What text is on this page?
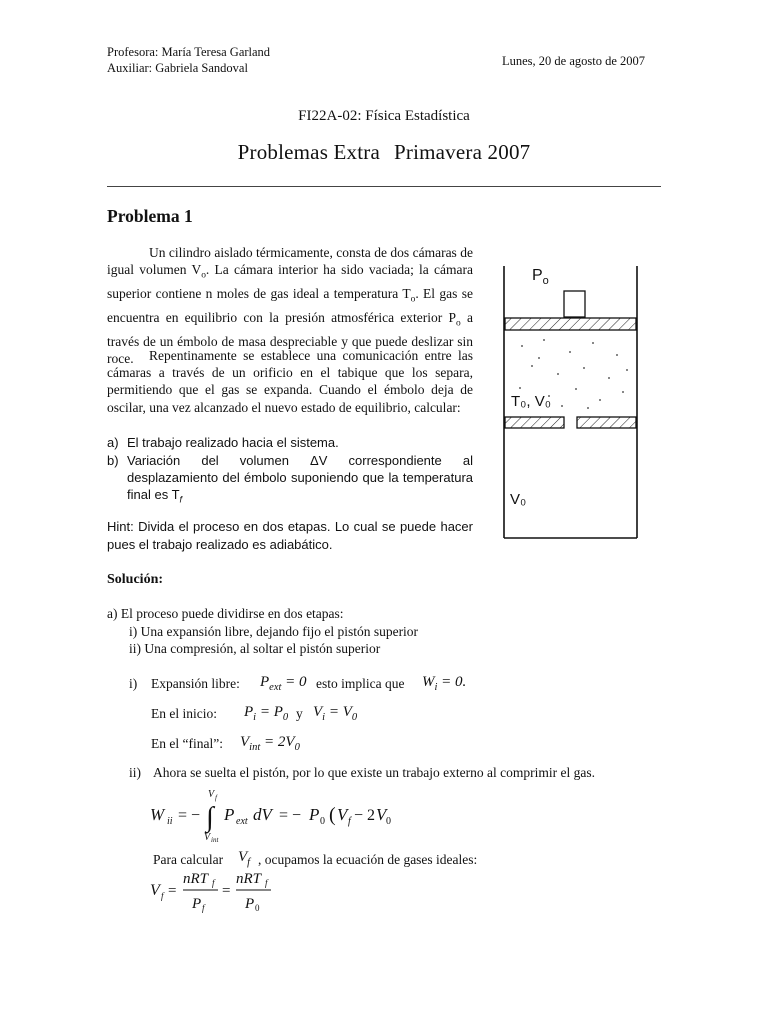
Profesora: María Teresa Garland
Auxiliar: Gabriela Sandoval	Lunes, 20 de agosto de 2007
FI22A-02: Física Estadística
Problemas Extra Primavera 2007
Problema 1
Un cilindro aislado térmicamente, consta de dos cámaras de igual volumen $V_o$. La cámara interior ha sido vaciada; la cámara superior contiene n moles de gas ideal a temperatura $T_o$. El gas se encuentra en equilibrio con la presión atmosférica exterior $P_o$ a través de un émbolo de masa despreciable y que puede deslizar sin roce.	Repentinamente se establece una comunicación entre las cámaras a través de un orificio en el tabique que los separa, permitiendo que el gas se expanda. Cuando el émbolo deja de oscilar, una vez alcanzado el nuevo estado de equilibrio, calcular:
a) El trabajo realizado hacia el sistema.
b) Variación del volumen ΔV correspondiente al desplazamiento del émbolo suponiendo que la temperatura final es $T_f$
Hint: Divida el proceso en dos etapas. Lo cual se puede hacer pues el trabajo realizado es adiabático.
$P_o$
T₀, V₀
V₀
Solución:
a) El proceso puede dividirse en dos etapas:
i) Una expansión libre, dejando fijo el pistón superior
ii) Una compresión, al soltar el pistón superior
i) Expansión libre: $P_{ext} = 0$ esto implica que $W_i = 0$.
En el inicio: $P_i = P_0$ y $V_i = V_0$
En el “final”: $V_{int} = 2V_0$
ii) Ahora se suelta el pistón, por lo que existe un trabajo externo al comprimir el gas.
W ii = − ∫
V f
V int
P ext dV = − P 0 ( V f − 2 V 0
Para calcular $V_f$ , ocupamos la ecuación de gases ideales:
V f =
nRT f
P f
=
nRT f
P 0
